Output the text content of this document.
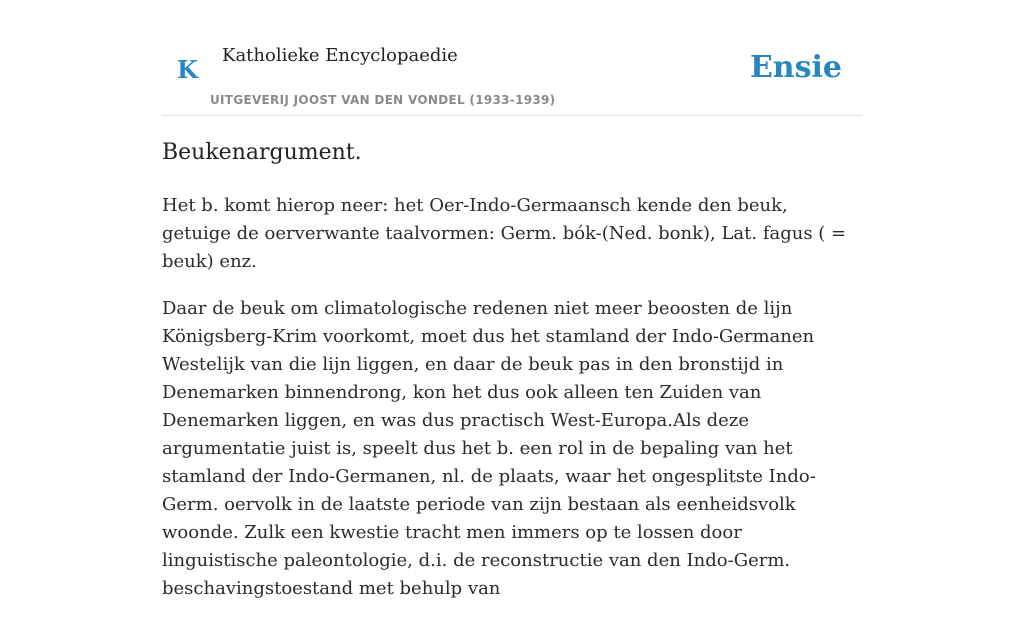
K Katholieke Encyclopaedie
UITGEVERIJ JOOST VAN DEN VONDEL (1933-1939)
Ensie
Beukenargument.

Het b. komt hierop neer: het Oer-Indo-Germaansch kende den beuk, getuige de oerverwante taalvormen: Germ. bók-(Ned. bonk), Lat. fagus ( = beuk) enz.

Daar de beuk om climatologische redenen niet meer beoosten de lijn Königsberg-Krim voorkomt, moet dus het stamland der Indo-Germanen Westelijk van die lijn liggen, en daar de beuk pas in den bronstijd in Denemarken binnendrong, kon het dus ook alleen ten Zuiden van Denemarken liggen, en was dus practisch West-Europa.Als deze argumentatie juist is, speelt dus het b. een rol in de bepaling van het stamland der Indo-Germanen, nl. de plaats, waar het ongesplitste Indo-Germ. oervolk in de laatste periode van zijn bestaan als eenheidsvolk woonde. Zulk een kwestie tracht men immers op te lossen door linguistische paleontologie, d.i. de reconstructie van den Indo-Germ. beschavingstoestand met behulp van
